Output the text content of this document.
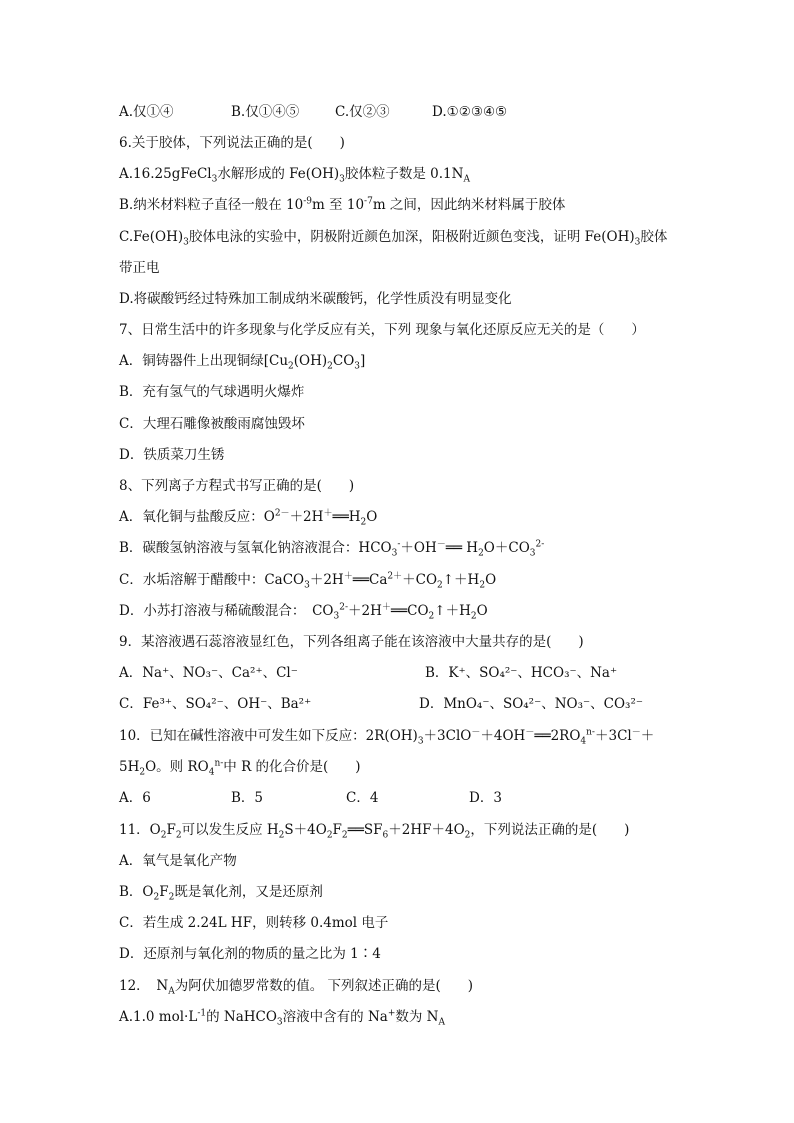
A.仅①④	B.仅①④⑤	C.仅②③	D.①②③④⑤
6.关于胶体，下列说法正确的是(　　)
A.16.25gFeCl$_3$水解形成的 $Fe(OH)_3$胶体粒子数是 $0.1N_A$
B.纳米材料粒子直径一般在 $10^{-9}m$ 至 $10^{-7}m$ 之间，因此纳米材料属于胶体
$C.Fe(OH)_3$胶体电泳的实验中，阴极附近颜色加深，阳极附近颜色变浅，证明 $Fe(OH)_3$胶体
带正电
D.将碳酸钙经过特殊加工制成纳米碳酸钙，化学性质没有明显变化
7、日常生活中的许多现象与化学反应有关，下列 现象与氧化还原反应无关的是（　　）
A．铜铸器件上出现铜绿$[Cu_2(OH)_2CO_3]$
B．充有氢气的气球遇明火爆炸
C．大理石雕像被酸雨腐蚀毁坏
D．铁质菜刀生锈
8、下列离子方程式书写正确的是(　　)
A．氧化铜与盐酸反应：$O^{2-}+2H^+══H_2O$
B．碳酸氢钠溶液与氢氧化钠溶液混合：$HCO_3^-+OH^-══$ $H_2O+CO_3^{2-}$
C．水垢溶解于醋酸中：$CaCO_3+2H^+══Ca^{2+}+CO_2↑+H_2O$
D．小苏打溶液与稀硫酸混合：　$CO_3^{2-}+2H^+══CO_2↑+H_2O$
9．某溶液遇石蕊溶液显红色，下列各组离子能在该溶液中大量共存的是(　　)
A．Na⁺、NO₃⁻、Ca²⁺、Cl⁻	B．K⁺、SO₄²⁻、HCO₃⁻、Na⁺
C．Fe³⁺、SO₄²⁻、OH⁻、Ba²⁺	D．MnO₄⁻、SO₄²⁻、NO₃⁻、CO₃²⁻
10．已知在碱性溶液中可发生如下反应：$2R(OH)_3+3ClO^-+4OH^-══2RO_4^{n-}+3Cl^-+$
$5H_2O$。则 $RO_4^{n-}$中 R 的化合价是(　　)
A．6	B．5	C．4	D．3
11．$O_2F_2$可以发生反应 $H_2S+4O_2F_2══SF_6+2HF+4O_2$，下列说法正确的是(　　)
A．氧气是氧化产物
B．$O_2F_2$既是氧化剂，又是还原剂
C．若生成 2.24L HF，则转移 0.4mol 电子
D．还原剂与氧化剂的物质的量之比为 1∶4
12．　$N_A$为阿伏加德罗常数的值。 下列叙述正确的是(　　)
A.1.0 $mol\cdot L^{-1}$的 NaHCO$_3$溶液中含有的 Na+数为 $N_A$
